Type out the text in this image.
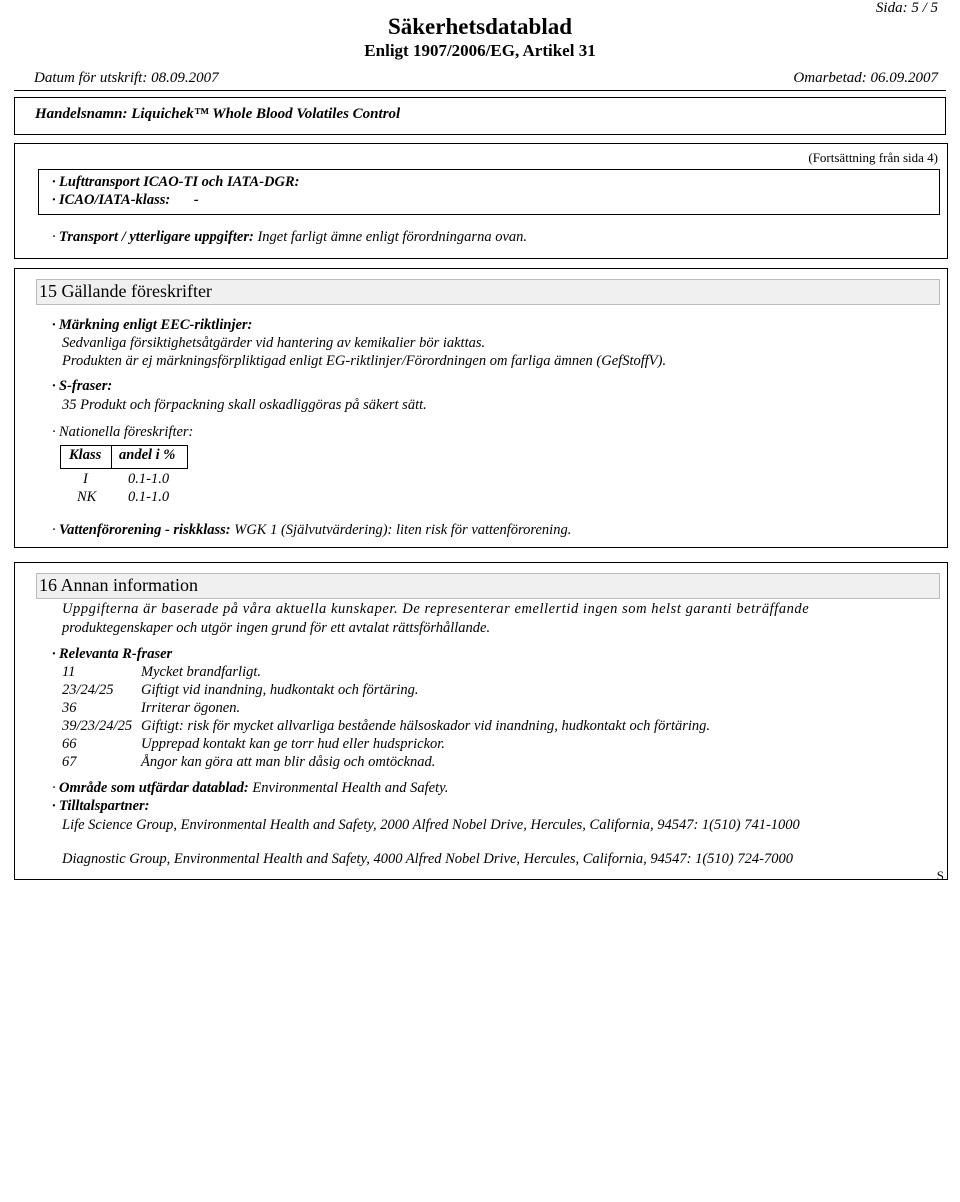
Sida: 5 / 5
Säkerhetsdatablad
Enligt 1907/2006/EG, Artikel 31
Datum för utskrift: 08.09.2007	Omarbetad: 06.09.2007
Handelsnamn: Liquichek™ Whole Blood Volatiles Control
(Fortsättning från sida 4)
· Lufttransport ICAO-TI och IATA-DGR:
· ICAO/IATA-klass: -
· Transport / ytterligare uppgifter: Inget farligt ämne enligt förordningarna ovan.
15 Gällande föreskrifter
· Märkning enligt EEC-riktlinjer:
Sedvanliga försiktighetsåtgärder vid hantering av kemikalier bör iakttas.
Produkten är ej märkningsförpliktigad enligt EG-riktlinjer/Förordningen om farliga ämnen (GefStoffV).
· S-fraser:
35 Produkt och förpackning skall oskadliggöras på säkert sätt.
· Nationella föreskrifter:
Klass andel i %
I	0.1-1.0
NK 0.1-1.0
· Vattenförorening - riskklass: WGK 1 (Självutvärdering): liten risk för vattenförorening.
16 Annan information
Uppgifterna är baserade på våra aktuella kunskaper. De representerar emellertid ingen som helst garanti beträffande
produktegenskaper och utgör ingen grund för ett avtalat rättsförhållande.
· Relevanta R-fraser
11	Mycket brandfarligt.
23/24/25 Giftigt vid inandning, hudkontakt och förtäring.
36	Irriterar ögonen.
39/23/24/25 Giftigt: risk för mycket allvarliga bestående hälsoskador vid inandning, hudkontakt och förtäring.
66	Upprepad kontakt kan ge torr hud eller hudsprickor.
67	Ångor kan göra att man blir dåsig och omtöcknad.
· Område som utfärdar datablad: Environmental Health and Safety.
· Tilltalspartner:
Life Science Group, Environmental Health and Safety, 2000 Alfred Nobel Drive, Hercules, California, 94547: 1(510) 741-1000
Diagnostic Group, Environmental Health and Safety, 4000 Alfred Nobel Drive, Hercules, California, 94547: 1(510) 724-7000
S
